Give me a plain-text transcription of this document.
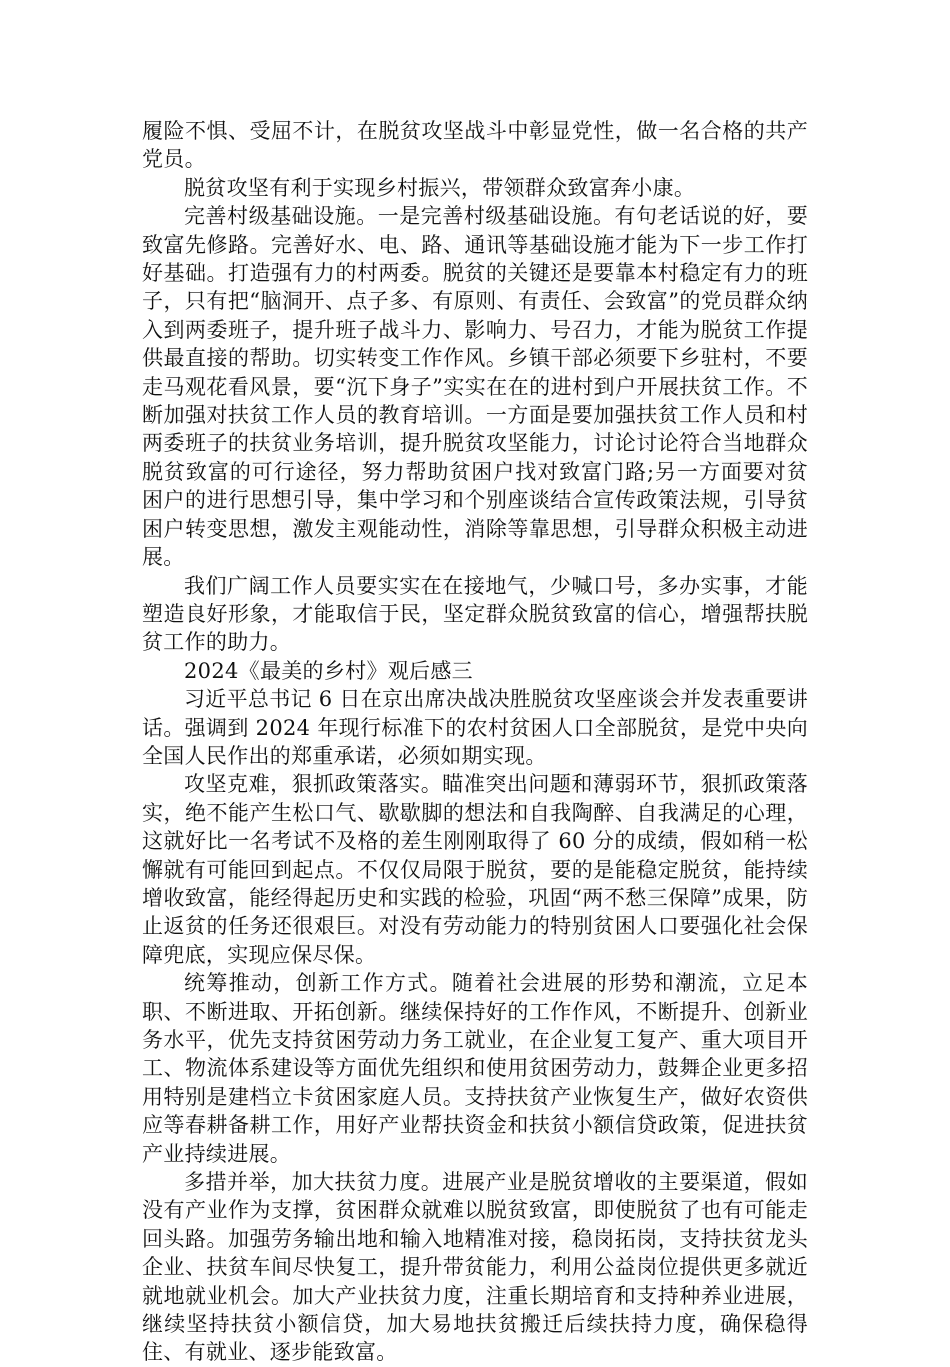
履险不惧、受屈不计，在脱贫攻坚战斗中彰显党性，做一名合格的共产党员。

脱贫攻坚有利于实现乡村振兴，带领群众致富奔小康。

完善村级基础设施。一是完善村级基础设施。有句老话说的好，要致富先修路。完善好水、电、路、通讯等基础设施才能为下一步工作打好基础。打造强有力的村两委。脱贫的关键还是要靠本村稳定有力的班子，只有把“脑洞开、点子多、有原则、有责任、会致富”的党员群众纳入到两委班子，提升班子战斗力、影响力、号召力，才能为脱贫工作提供最直接的帮助。切实转变工作作风。乡镇干部必须要下乡驻村，不要走马观花看风景，要“沉下身子”实实在在的进村到户开展扶贫工作。不断加强对扶贫工作人员的教育培训。一方面是要加强扶贫工作人员和村两委班子的扶贫业务培训，提升脱贫攻坚能力，讨论讨论符合当地群众脱贫致富的可行途径，努力帮助贫困户找对致富门路;另一方面要对贫困户的进行思想引导，集中学习和个别座谈结合宣传政策法规，引导贫困户转变思想，激发主观能动性，消除等靠思想，引导群众积极主动进展。

我们广阔工作人员要实实在在接地气，少喊口号，多办实事，才能塑造良好形象，才能取信于民，坚定群众脱贫致富的信心，增强帮扶脱贫工作的助力。

2024《最美的乡村》观后感三

习近平总书记 6 日在京出席决战决胜脱贫攻坚座谈会并发表重要讲话。强调到 2024 年现行标准下的农村贫困人口全部脱贫，是党中央向全国人民作出的郑重承诺，必须如期实现。

攻坚克难，狠抓政策落实。瞄准突出问题和薄弱环节，狠抓政策落实，绝不能产生松口气、歇歇脚的想法和自我陶醉、自我满足的心理，这就好比一名考试不及格的差生刚刚取得了 60 分的成绩，假如稍一松懈就有可能回到起点。不仅仅局限于脱贫，要的是能稳定脱贫，能持续增收致富，能经得起历史和实践的检验，巩固“两不愁三保障”成果，防止返贫的任务还很艰巨。对没有劳动能力的特别贫困人口要强化社会保障兜底，实现应保尽保。

统筹推动，创新工作方式。随着社会进展的形势和潮流，立足本职、不断进取、开拓创新。继续保持好的工作作风，不断提升、创新业务水平，优先支持贫困劳动力务工就业，在企业复工复产、重大项目开工、物流体系建设等方面优先组织和使用贫困劳动力，鼓舞企业更多招用特别是建档立卡贫困家庭人员。支持扶贫产业恢复生产，做好农资供应等春耕备耕工作，用好产业帮扶资金和扶贫小额信贷政策，促进扶贫产业持续进展。

多措并举，加大扶贫力度。进展产业是脱贫增收的主要渠道，假如没有产业作为支撑，贫困群众就难以脱贫致富，即使脱贫了也有可能走回头路。加强劳务输出地和输入地精准对接，稳岗拓岗，支持扶贫龙头企业、扶贫车间尽快复工，提升带贫能力，利用公益岗位提供更多就近就地就业机会。加大产业扶贫力度，注重长期培育和支持种养业进展，继续坚持扶贫小额信贷，加大易地扶贫搬迁后续扶持力度，确保稳得住、有就业、逐步能致富。
